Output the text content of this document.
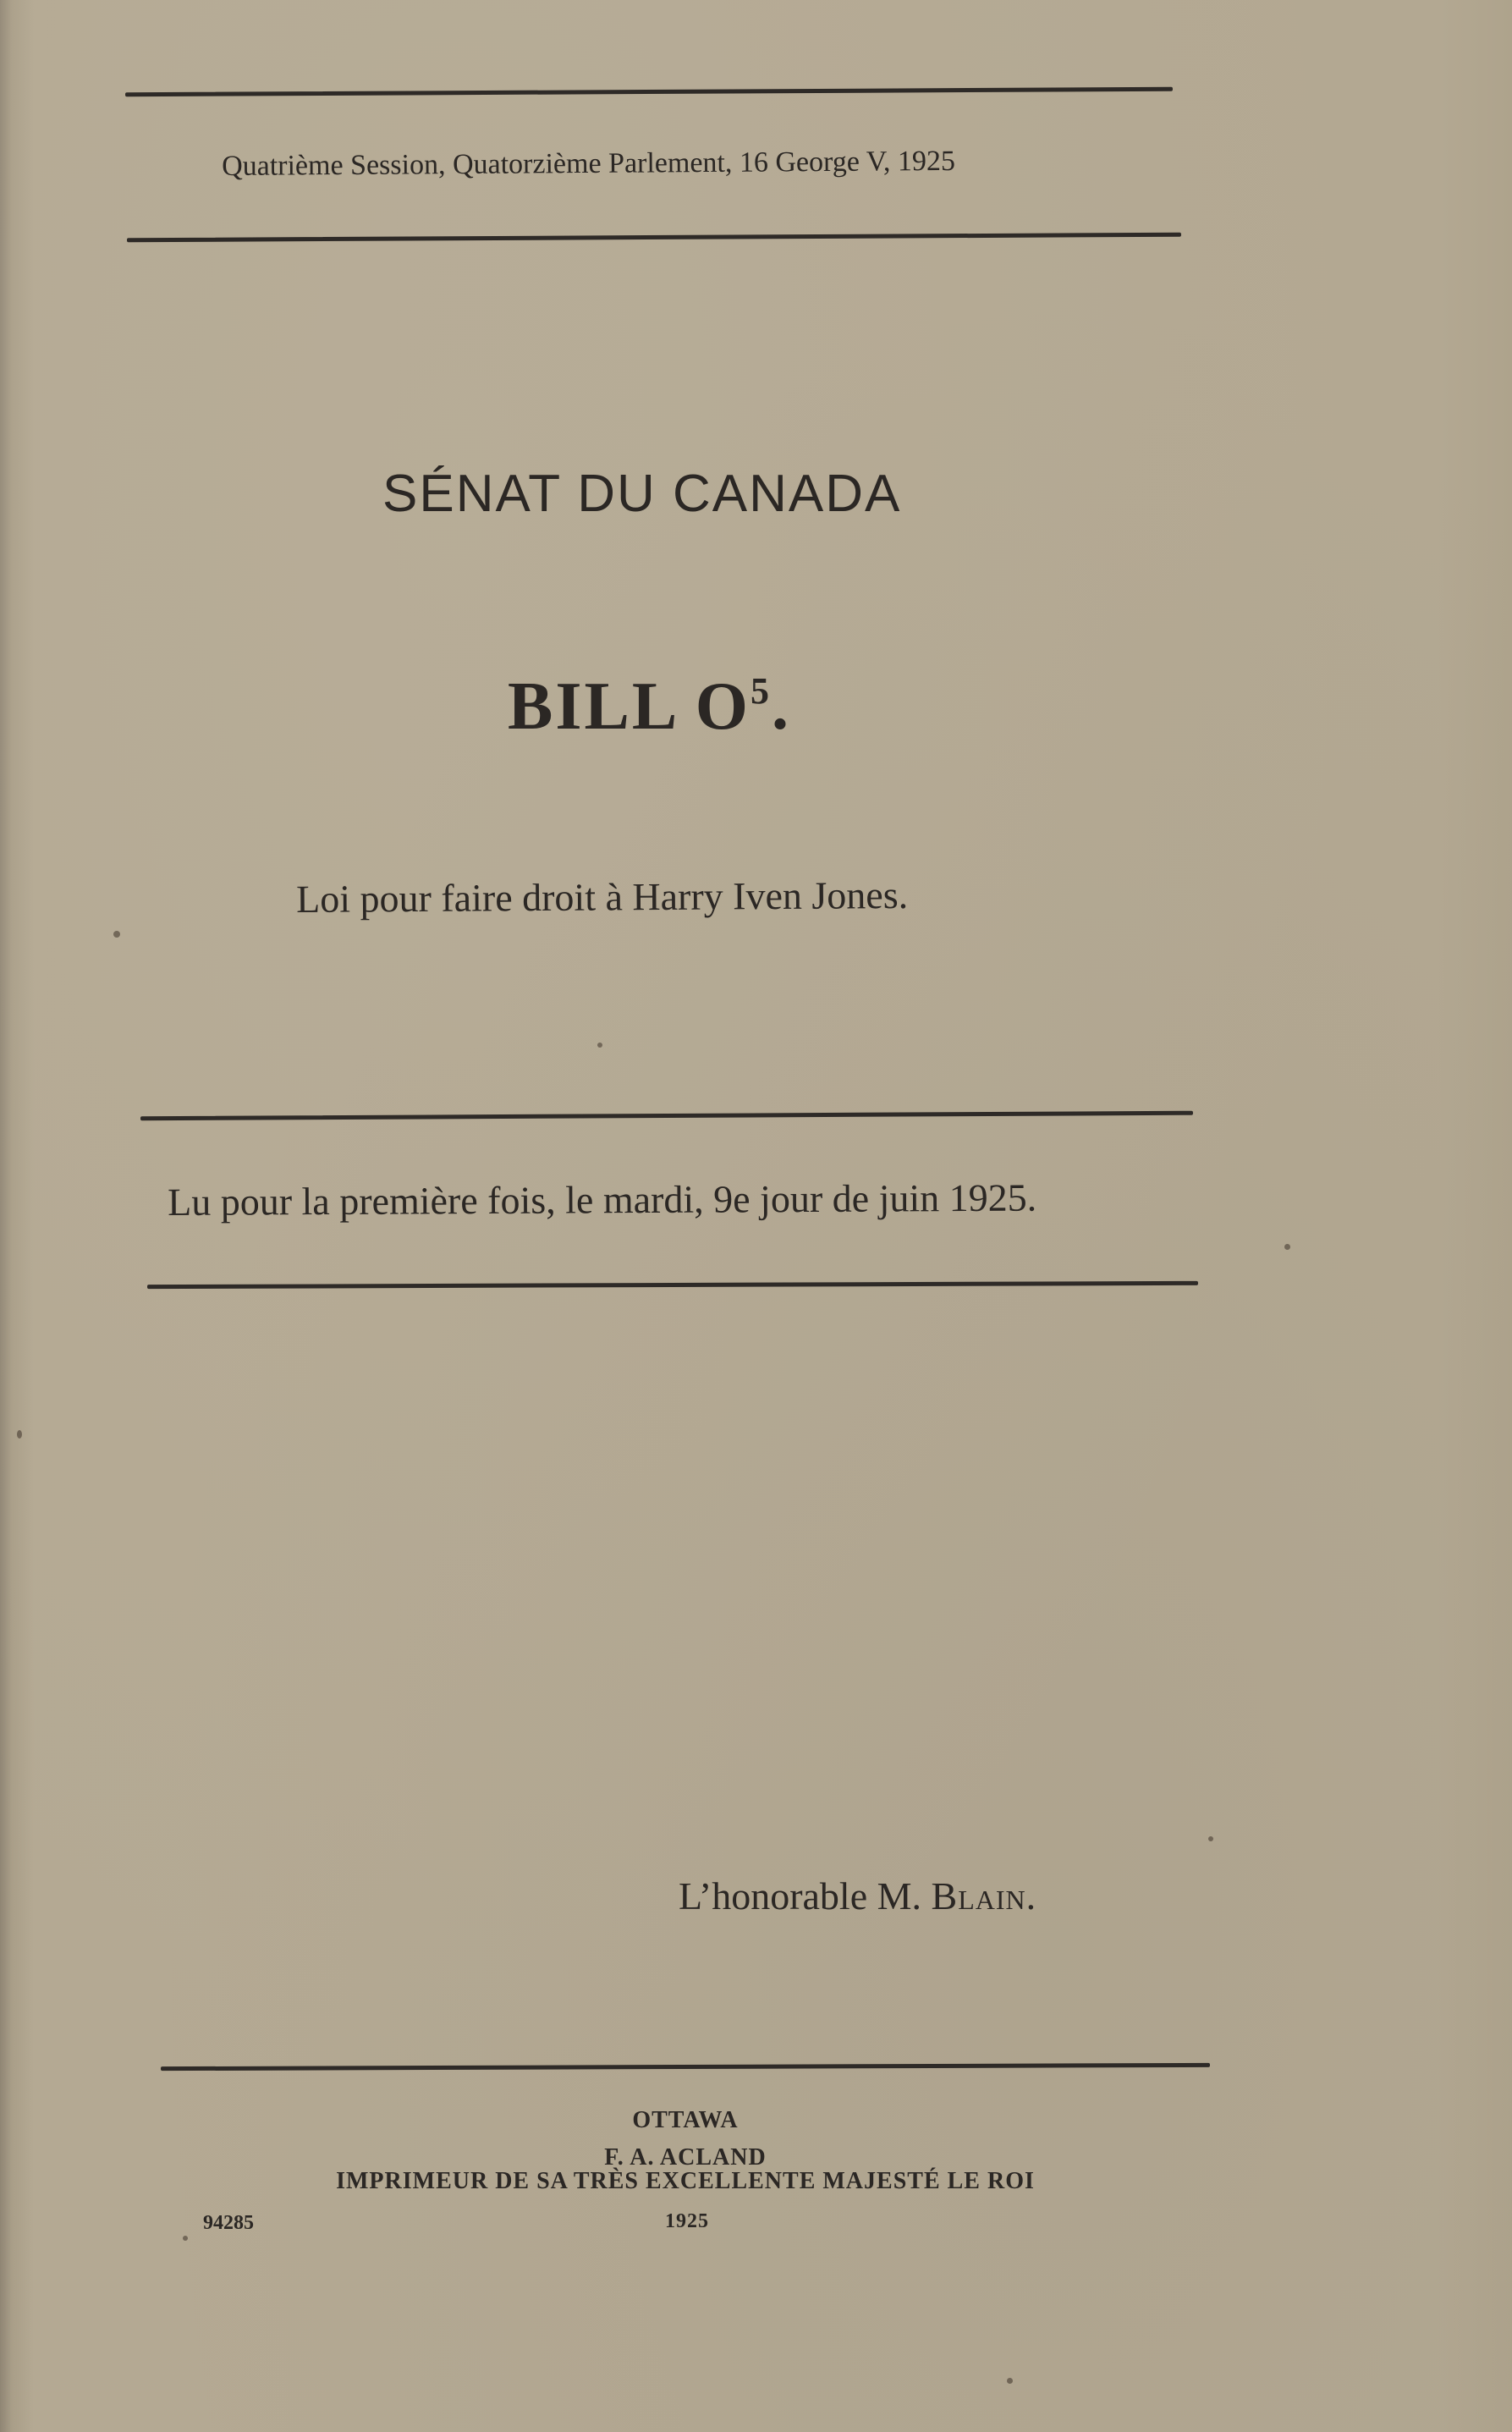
Quatrième Session, Quatorzième Parlement, 16 George V, 1925
SÉNAT DU CANADA
BILL $O^5$.
Loi pour faire droit à Harry Iven Jones.
Lu pour la première fois, le mardi, 9e jour de juin 1925.
L’honorable M. Blain.
OTTAWA
F. A. ACLAND
IMPRIMEUR DE SA TRÈS EXCELLENTE MAJESTÉ LE ROI
1925
94285
